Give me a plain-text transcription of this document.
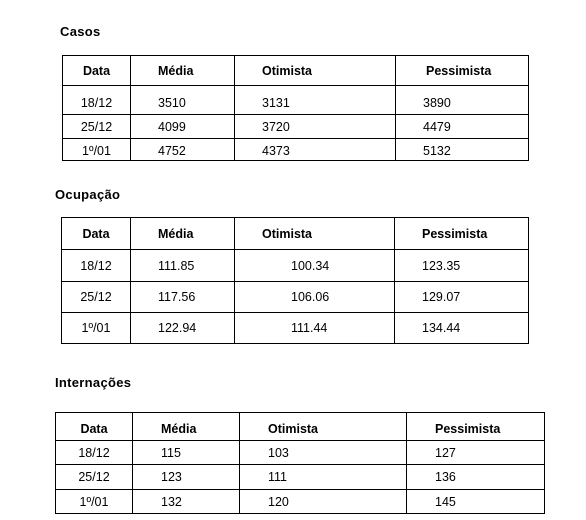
Casos
Data	Média	Otimista	Pessimista
18/12	3510	3131	3890
25/12	4099	3720	4479
1º/01	4752	4373	5132
Ocupação
Data	Média	Otimista	Pessimista
18/12	111.85	100.34	123.35
25/12	117.56	106.06	129.07
1º/01	122.94	111.44	134.44
Internações
Data	Média	Otimista	Pessimista
18/12	115	103	127
25/12	123	111	136
1º/01	132	120	145
